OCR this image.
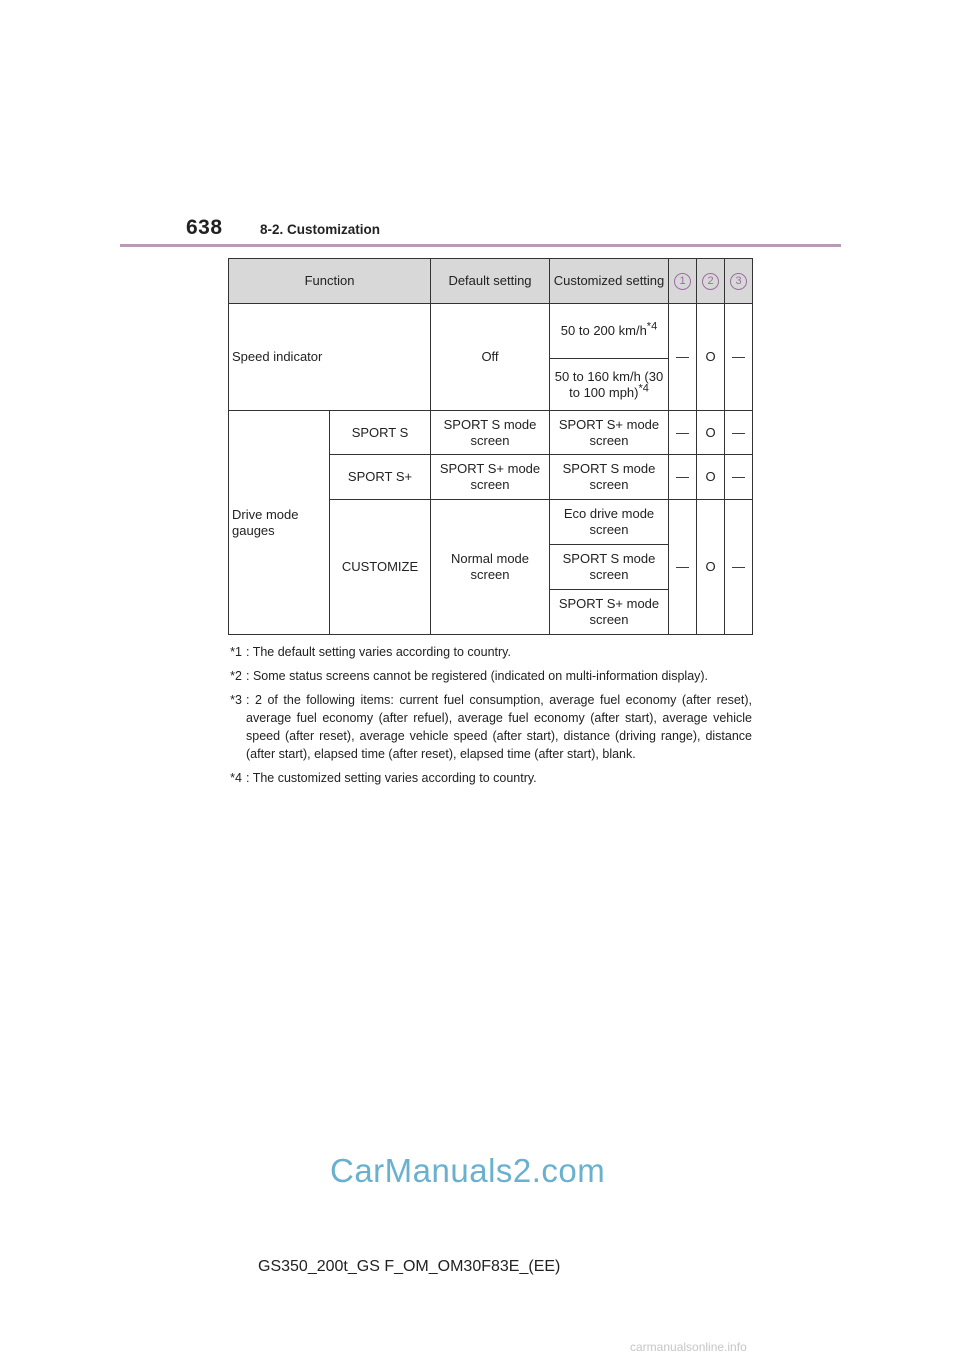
638	8-2. Customization
Function		Default setting	Customized setting	1	2	3
Speed indicator		Off	50 to 200 $km/h^{*4}$	—	O	—
			50 to 160 km/h (30 to 100 mph)$^{*4}$
Drive mode gauges	SPORT S	SPORT S mode screen	SPORT S+ mode screen	—	O	—
	SPORT S+	SPORT S+ mode screen	SPORT S mode screen	—	O	—
	CUSTOMIZE	Normal mode screen	Eco drive mode screen	—	O	—
			SPORT S mode screen			
			SPORT S+ mode screen			
*1 : The default setting varies according to country.
*2 : Some status screens cannot be registered (indicated on multi-information display).
*3 : 2 of the following items: current fuel consumption, average fuel economy (after reset), average fuel economy (after refuel), average fuel economy (after start), average vehicle speed (after reset), average vehicle speed (after start), distance (driving range), distance (after start), elapsed time (after reset), elapsed time (after start), blank.
*4 : The customized setting varies according to country.
CarManuals2.com
GS350_200t_GS F_OM_OM30F83E_(EE)
carmanualsonline.info
